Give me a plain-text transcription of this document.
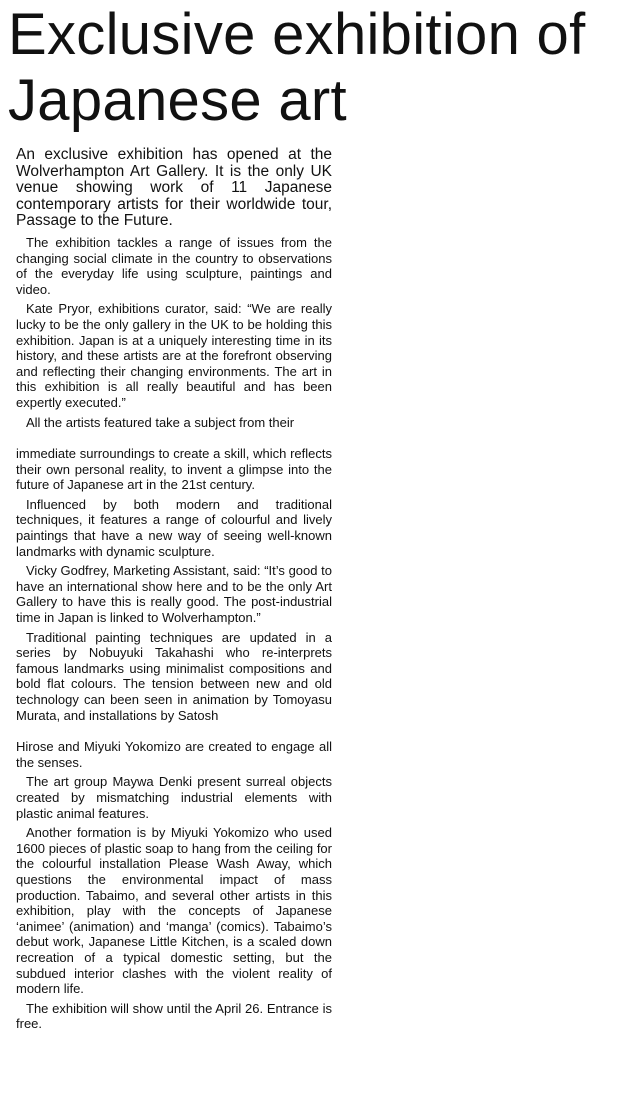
Exclusive exhibition of Japanese art

An exclusive exhibition has opened at the Wolverhampton Art Gallery. It is the only UK venue showing work of 11 Japanese contemporary artists for their worldwide tour, Passage to the Future.

The exhibition tackles a range of issues from the changing social climate in the country to observations of the everyday life using sculpture, paintings and video.

Kate Pryor, exhibitions curator, said: “We are really lucky to be the only gallery in the UK to be holding this exhibition. Japan is at a uniquely interesting time in its history, and these artists are at the forefront observing and reflecting their changing environments. The art in this exhibition is all really beautiful and has been expertly executed.”

All the artists featured take a subject from their

immediate surroundings to create a skill, which reflects their own personal reality, to invent a glimpse into the future of Japanese art in the 21st century.

Influenced by both modern and traditional techniques, it features a range of colourful and lively paintings that have a new way of seeing well-known landmarks with dynamic sculpture.

Vicky Godfrey, Marketing Assistant, said: “It’s good to have an international show here and to be the only Art Gallery to have this is really good. The post-industrial time in Japan is linked to Wolverhampton.”

Traditional painting techniques are updated in a series by Nobuyuki Takahashi who re-interprets famous landmarks using minimalist compositions and bold flat colours. The tension between new and old technology can been seen in animation by Tomoyasu Murata, and installations by Satosh

Hirose and Miyuki Yokomizo are created to engage all the senses.

The art group Maywa Denki present surreal objects created by mismatching industrial elements with plastic animal features.

Another formation is by Miyuki Yokomizo who used 1600 pieces of plastic soap to hang from the ceiling for the colourful installation Please Wash Away, which questions the environmental impact of mass production. Tabaimo, and several other artists in this exhibition, play with the concepts of Japanese ‘animee’ (animation) and ‘manga’ (comics). Tabaimo’s debut work, Japanese Little Kitchen, is a scaled down recreation of a typical domestic setting, but the subdued interior clashes with the violent reality of modern life.

The exhibition will show until the April 26. Entrance is free.
